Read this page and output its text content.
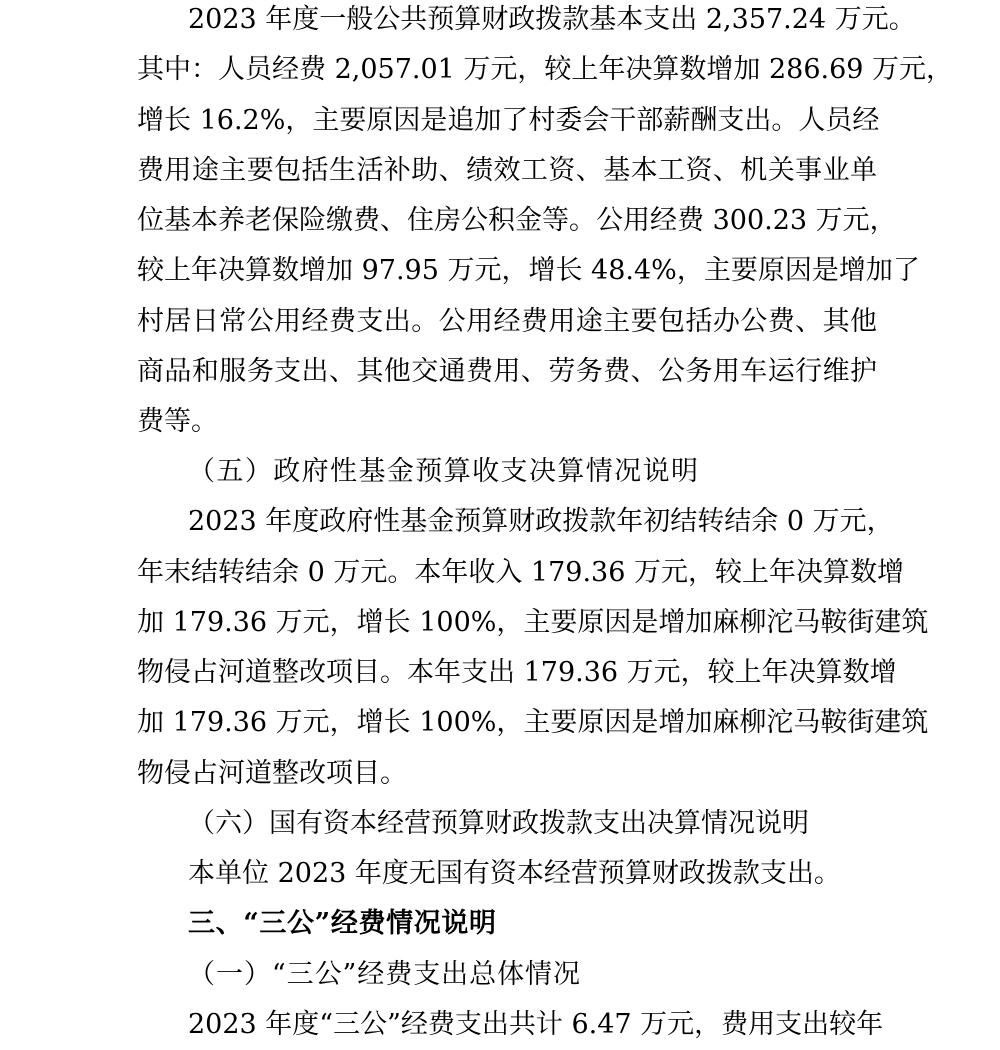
2023 年度一般公共预算财政拨款基本支出 2,357.24 万元。
其中：人员经费 2,057.01 万元，较上年决算数增加 286.69 万元，
增长 16.2%，主要原因是追加了村委会干部薪酬支出。人员经
费用途主要包括生活补助、绩效工资、基本工资、机关事业单
位基本养老保险缴费、住房公积金等。公用经费 300.23 万元，
较上年决算数增加 97.95 万元，增长 48.4%，主要原因是增加了
村居日常公用经费支出。公用经费用途主要包括办公费、其他
商品和服务支出、其他交通费用、劳务费、公务用车运行维护
费等。
（五）政府性基金预算收支决算情况说明
2023 年度政府性基金预算财政拨款年初结转结余 0 万元，
年末结转结余 0 万元。本年收入 179.36 万元，较上年决算数增
加 179.36 万元，增长 100%，主要原因是增加麻柳沱马鞍街建筑
物侵占河道整改项目。本年支出 179.36 万元，较上年决算数增
加 179.36 万元，增长 100%，主要原因是增加麻柳沱马鞍街建筑
物侵占河道整改项目。
（六）国有资本经营预算财政拨款支出决算情况说明
本单位 2023 年度无国有资本经营预算财政拨款支出。
三、“三公”经费情况说明
（一）“三公”经费支出总体情况
2023 年度“三公”经费支出共计 6.47 万元，费用支出较年
